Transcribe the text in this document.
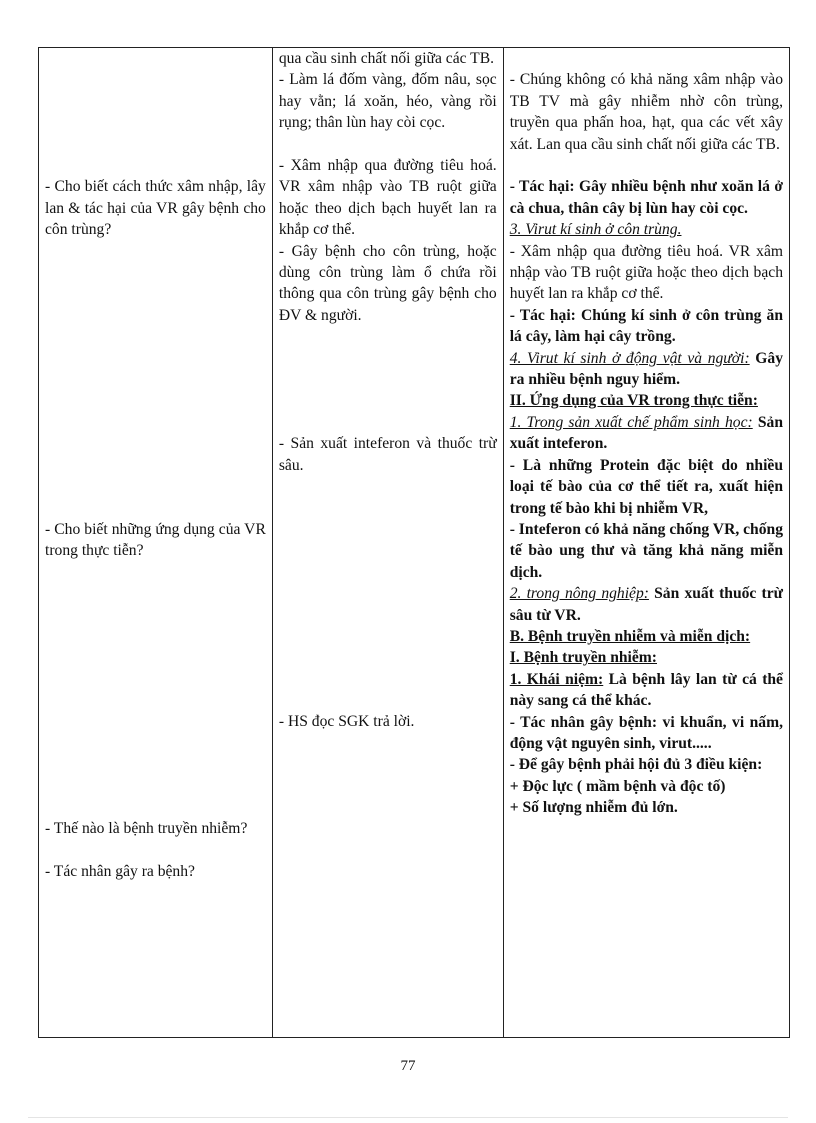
- Cho biết cách thức xâm nhập, lây lan & tác hại của VR gây bệnh cho côn trùng?
- Cho biết những ứng dụng của VR trong thực tiễn?
- Thế nào là bệnh truyền nhiễm?
- Tác nhân gây ra bệnh?

qua cầu sinh chất nối giữa các TB.
- Làm lá đốm vàng, đốm nâu, sọc hay vằn; lá xoăn, héo, vàng rồi rụng; thân lùn hay còi cọc.
- Xâm nhập qua đường tiêu hoá. VR xâm nhập vào TB ruột giữa hoặc theo dịch bạch huyết lan ra khắp cơ thể.
- Gây bệnh cho côn trùng, hoặc dùng côn trùng làm ổ chứa rồi thông qua côn trùng gây bệnh cho ĐV & người.
- Sản xuất inteferon và thuốc trừ sâu.
- HS đọc SGK trả lời.

- Chúng không có khả năng xâm nhập vào TB TV mà gây nhiễm nhờ côn trùng, truyền qua phấn hoa, hạt, qua các vết xây xát. Lan qua cầu sinh chất nối giữa các TB.
- Tác hại: Gây nhiều bệnh như xoăn lá ở cà chua, thân cây bị lùn hay còi cọc.
3. Virut kí sinh ở côn trùng.
- Xâm nhập qua đường tiêu hoá. VR xâm nhập vào TB ruột giữa hoặc theo dịch bạch huyết lan ra khắp cơ thể.
- Tác hại: Chúng kí sinh ở côn trùng ăn lá cây, làm hại cây trồng.
4. Virut kí sinh ở động vật và người: Gây ra nhiều bệnh nguy hiểm.
II. Ứng dụng của VR trong thực tiễn:
1. Trong sản xuất chế phẩm sinh học: Sản xuất inteferon.
- Là những Protein đặc biệt do nhiều loại tế bào của cơ thể tiết ra, xuất hiện trong tế bào khi bị nhiễm VR,
- Inteferon có khả năng chống VR, chống tế bào ung thư và tăng khả năng miễn dịch.
2. trong nông nghiệp: Sản xuất thuốc trừ sâu từ VR.
B. Bệnh truyền nhiễm và miễn dịch:
I. Bệnh truyền nhiễm:
1. Khái niệm: Là bệnh lây lan từ cá thể này sang cá thể khác.
- Tác nhân gây bệnh: vi khuẩn, vi nấm, động vật nguyên sinh, virut.....
- Để gây bệnh phải hội đủ 3 điều kiện:
+ Độc lực ( mầm bệnh và độc tố)
+ Số lượng nhiễm đủ lớn.
77
